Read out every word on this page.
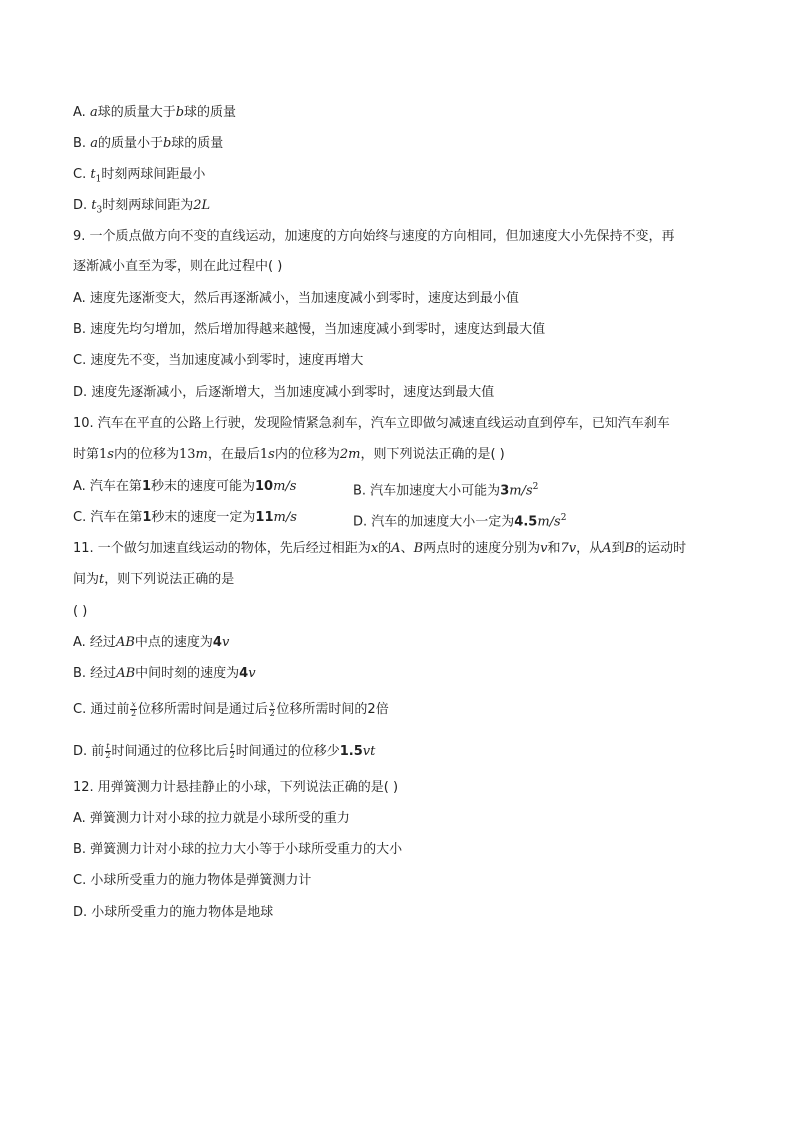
A. a球的质量大于b球的质量
B. a的质量小于b球的质量
C. $t_1$时刻两球间距最小
D. $t_3$时刻两球间距为2L
9. 一个质点做方向不变的直线运动，加速度的方向始终与速度的方向相同，但加速度大小先保持不变，再
逐渐减小直至为零，则在此过程中( )
A. 速度先逐渐变大，然后再逐渐减小，当加速度减小到零时，速度达到最小值
B. 速度先均匀增加，然后增加得越来越慢，当加速度减小到零时，速度达到最大值
C. 速度先不变，当加速度减小到零时，速度再增大
D. 速度先逐渐减小，后逐渐增大，当加速度减小到零时，速度达到最大值
10. 汽车在平直的公路上行驶，发现险情紧急刹车，汽车立即做匀减速直线运动直到停车，已知汽车刹车
时第1s内的位移为13m，在最后1s内的位移为2m，则下列说法正确的是( )
A. 汽车在第1秒末的速度可能为10m/s	B. 汽车加速度大小可能为$3m/s^2$
C. 汽车在第1秒末的速度一定为11m/s	D. 汽车的加速度大小一定为$4.5m/s^2$
11. 一个做匀加速直线运动的物体，先后经过相距为x的A、B两点时的速度分别为v和7v，从A到B的运动时
间为t，则下列说法正确的是
( )
A. 经过AB中点的速度为4v
B. 经过AB中间时刻的速度为4v
C. 通过前 $\frac{x}{2}$ 位移所需时间是通过后 $\frac{x}{2}$ 位移所需时间的2倍
D. 前 $\frac{t}{2}$ 时间通过的位移比后 $\frac{t}{2}$ 时间通过的位移少1.5vt
12. 用弹簧测力计悬挂静止的小球，下列说法正确的是( )
A. 弹簧测力计对小球的拉力就是小球所受的重力
B. 弹簧测力计对小球的拉力大小等于小球所受重力的大小
C. 小球所受重力的施力物体是弹簧测力计
D. 小球所受重力的施力物体是地球
